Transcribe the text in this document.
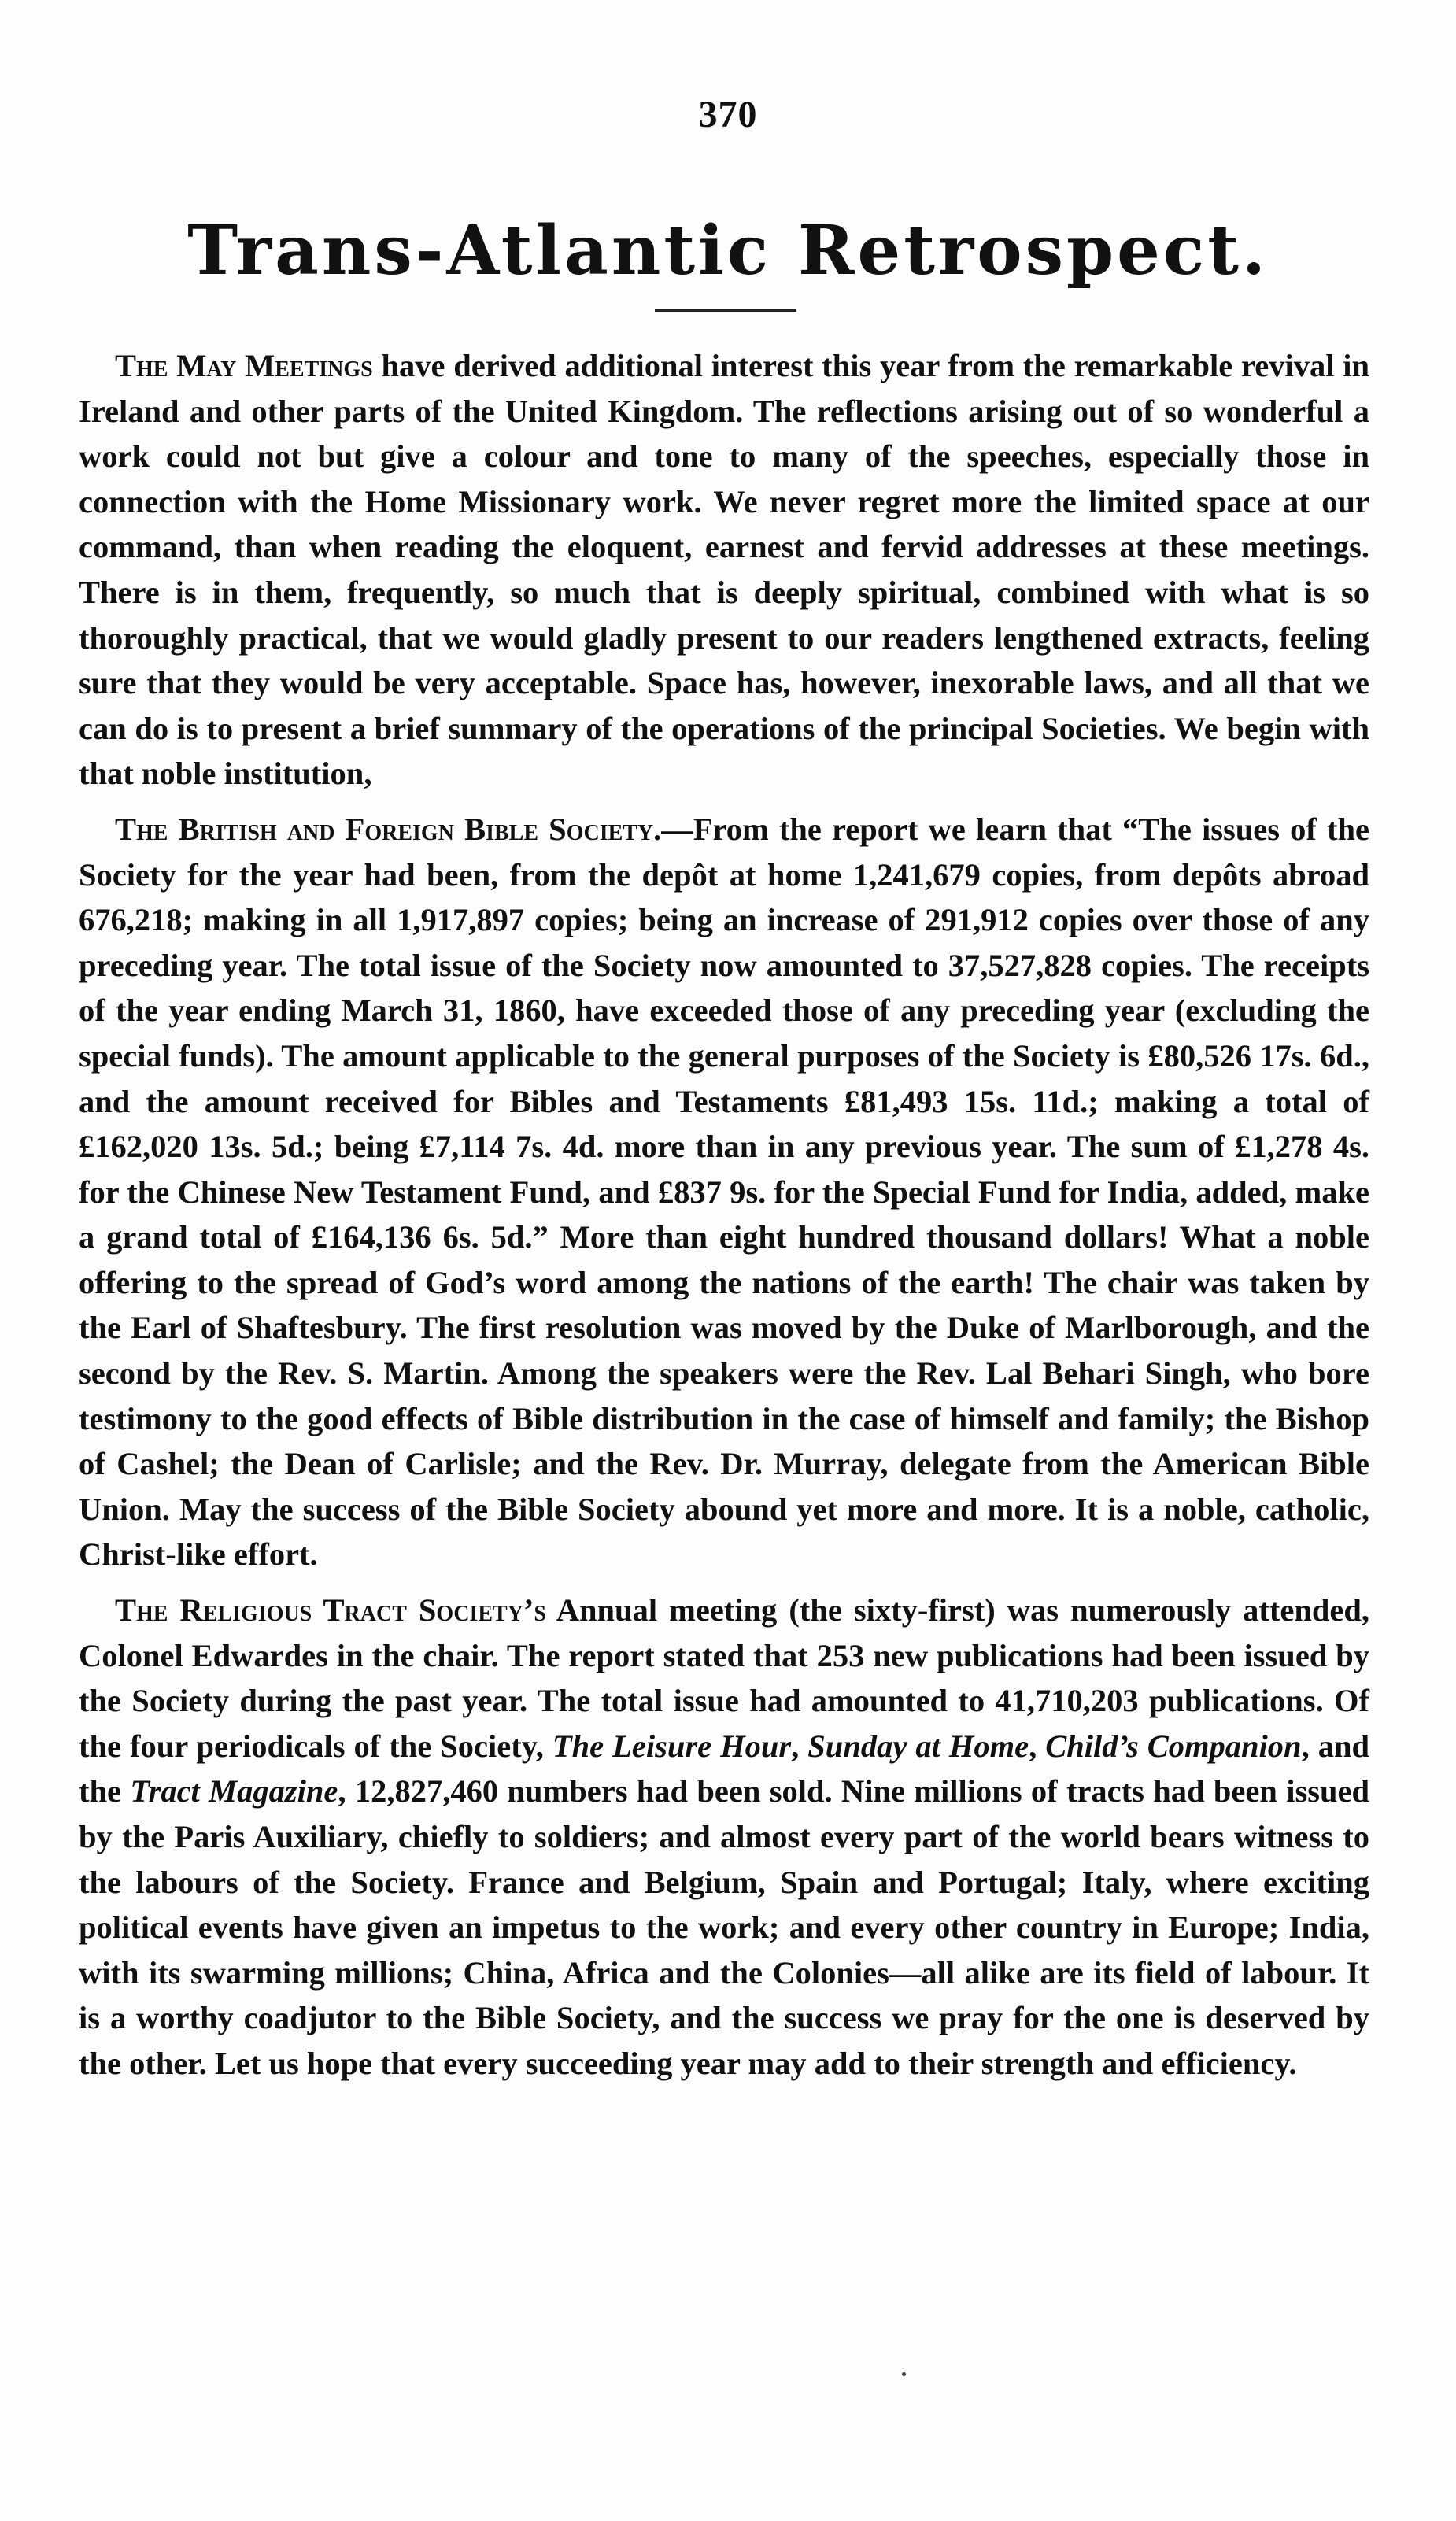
370
Trans-Atlantic Retrospect.

The May Meetings have derived additional interest this year from the remarkable revival in Ireland and other parts of the United Kingdom. The reflections arising out of so wonderful a work could not but give a colour and tone to many of the speeches, especially those in connection with the Home Missionary work. We never regret more the limited space at our command, than when reading the eloquent, earnest and fervid addresses at these meetings. There is in them, frequently, so much that is deeply spiritual, combined with what is so thoroughly practical, that we would gladly present to our readers lengthened extracts, feeling sure that they would be very acceptable. Space has, however, inexorable laws, and all that we can do is to present a brief summary of the operations of the principal Societies. We begin with that noble institution,

The British and Foreign Bible Society.—From the report we learn that “The issues of the Society for the year had been, from the depôt at home 1,241,679 copies, from depôts abroad 676,218; making in all 1,917,897 copies; being an increase of 291,912 copies over those of any preceding year. The total issue of the Society now amounted to 37,527,828 copies. The receipts of the year ending March 31, 1860, have exceeded those of any preceding year (excluding the special funds). The amount applicable to the general purposes of the Society is £80,526 17s. 6d., and the amount received for Bibles and Testaments £81,493 15s. 11d.; making a total of £162,020 13s. 5d.; being £7,114 7s. 4d. more than in any previous year. The sum of £1,278 4s. for the Chinese New Testament Fund, and £837 9s. for the Special Fund for India, added, make a grand total of £164,136 6s. 5d.” More than eight hundred thousand dollars! What a noble offering to the spread of God’s word among the nations of the earth! The chair was taken by the Earl of Shaftesbury. The first resolution was moved by the Duke of Marlborough, and the second by the Rev. S. Martin. Among the speakers were the Rev. Lal Behari Singh, who bore testimony to the good effects of Bible distribution in the case of himself and family; the Bishop of Cashel; the Dean of Carlisle; and the Rev. Dr. Murray, delegate from the American Bible Union. May the success of the Bible Society abound yet more and more. It is a noble, catholic, Christ-like effort.

The Religious Tract Society’s Annual meeting (the sixty-first) was numerously attended, Colonel Edwardes in the chair. The report stated that 253 new publications had been issued by the Society during the past year. The total issue had amounted to 41,710,203 publications. Of the four periodicals of the Society, The Leisure Hour, Sunday at Home, Child’s Companion, and the Tract Magazine, 12,827,460 numbers had been sold. Nine millions of tracts had been issued by the Paris Auxiliary, chiefly to soldiers; and almost every part of the world bears witness to the labours of the Society. France and Belgium, Spain and Portugal; Italy, where exciting political events have given an impetus to the work; and every other country in Europe; India, with its swarming millions; China, Africa and the Colonies—all alike are its field of labour. It is a worthy coadjutor to the Bible Society, and the success we pray for the one is deserved by the other. Let us hope that every succeeding year may add to their strength and efficiency.
